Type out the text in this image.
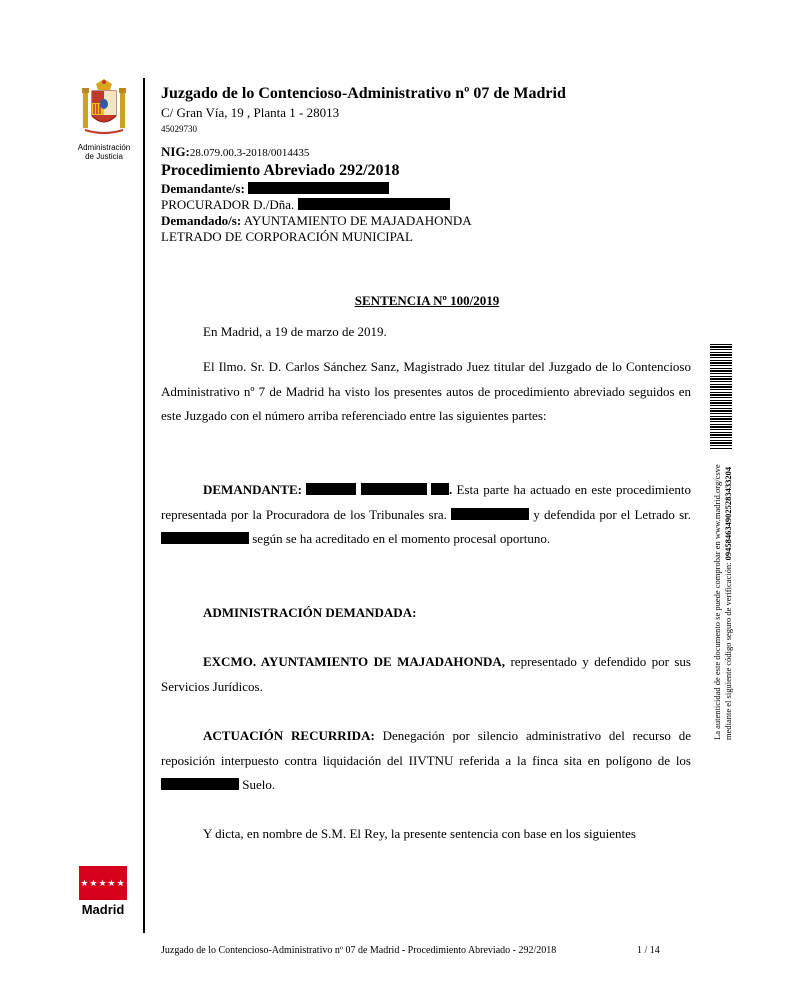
Administración
de Justicia
★★★★★★★
Madrid
Juzgado de lo Contencioso-Administrativo nº 07 de Madrid
C/ Gran Vía, 19 , Planta 1 - 28013
45029730
NIG:28.079.00.3-2018/0014435
Procedimiento Abreviado 292/2018
Demandante/s:
PROCURADOR D./Dña.
Demandado/s: AYUNTAMIENTO DE MAJADAHONDA
LETRADO DE CORPORACIÓN MUNICIPAL
SENTENCIA Nº 100/2019
En Madrid, a 19 de marzo de 2019.
El Ilmo. Sr. D. Carlos Sánchez Sanz, Magistrado Juez titular del Juzgado de lo Contencioso Administrativo nº 7 de Madrid ha visto los presentes autos de procedimiento abreviado seguidos en este Juzgado con el número arriba referenciado entre las siguientes partes:
DEMANDANTE:	. Esta parte ha actuado en este procedimiento representada por la Procuradora de los Tribunales sra.	y defendida por el Letrado sr.  según se ha acreditado en el momento procesal oportuno.
ADMINISTRACIÓN DEMANDADA:
EXCMO. AYUNTAMIENTO DE MAJADAHONDA, representado y defendido por sus Servicios Jurídicos.
ACTUACIÓN RECURRIDA: Denegación por silencio administrativo del recurso de reposición interpuesto contra liquidación del IIVTNU referida a la finca sita en polígono de los Suelo.
Y dicta, en nombre de S.M. El Rey, la presente sentencia con base en los siguientes
La autenticidad de este documento se puede comprobar en www.madrid.org/csve mediante el siguiente código seguro de verificación: 0945846349025283433204
Juzgado de lo Contencioso-Administrativo nº 07 de Madrid - Procedimiento Abreviado - 292/2018	1 / 14
